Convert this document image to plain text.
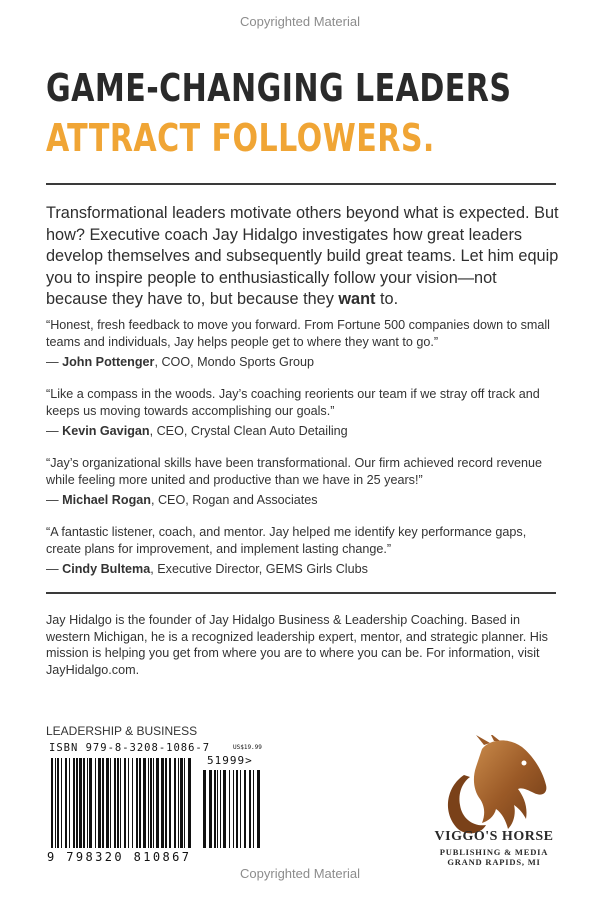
Copyrighted Material
GAME-CHANGING LEADERS
ATTRACT FOLLOWERS.
Transformational leaders motivate others beyond what is expected. But how? Executive coach Jay Hidalgo investigates how great leaders develop themselves and subsequently build great teams. Let him equip you to inspire people to enthusiastically follow your vision—not because they have to, but because they want to.
“Honest, fresh feedback to move you forward. From Fortune 500 companies down to small teams and individuals, Jay helps people get to where they want to go.”
— John Pottenger, COO, Mondo Sports Group
“Like a compass in the woods. Jay’s coaching reorients our team if we stray off track and keeps us moving towards accomplishing our goals.”
— Kevin Gavigan, CEO, Crystal Clean Auto Detailing
“Jay’s organizational skills have been transformational. Our firm achieved record revenue while feeling more united and productive than we have in 25 years!”
— Michael Rogan, CEO, Rogan and Associates
“A fantastic listener, coach, and mentor. Jay helped me identify key performance gaps, create plans for improvement, and implement lasting change.”
— Cindy Bultema, Executive Director, GEMS Girls Clubs
Jay Hidalgo is the founder of Jay Hidalgo Business & Leadership Coaching. Based in western Michigan, he is a recognized leadership expert, mentor, and strategic planner. His mission is helping you get from where you are to where you can be. For information, visit JayHidalgo.com.
LEADERSHIP & BUSINESS
ISBN 979-8-3208-1086-7	US$19.99
51999>
9 798320 810867
VIGGO'S HORSE
PUBLISHING & MEDIA
GRAND RAPIDS, MI
Copyrighted Material
